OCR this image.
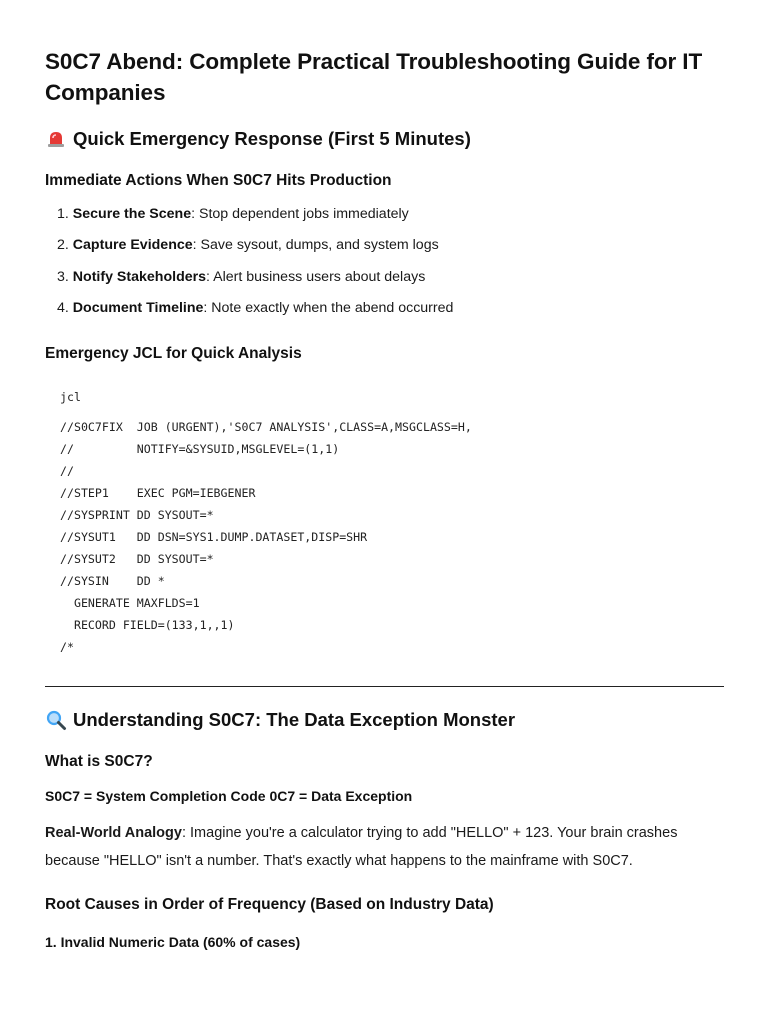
S0C7 Abend: Complete Practical Troubleshooting Guide for IT Companies
Quick Emergency Response (First 5 Minutes)
Immediate Actions When S0C7 Hits Production
1. Secure the Scene: Stop dependent jobs immediately
2. Capture Evidence: Save sysout, dumps, and system logs
3. Notify Stakeholders: Alert business users about delays
4. Document Timeline: Note exactly when the abend occurred
Emergency JCL for Quick Analysis
jcl
//S0C7FIX  JOB (URGENT),'S0C7 ANALYSIS',CLASS=A,MSGCLASS=H,
//         NOTIFY=&SYSUID,MSGLEVEL=(1,1)
//
//STEP1    EXEC PGM=IEBGENER
//SYSPRINT DD SYSOUT=*
//SYSUT1   DD DSN=SYS1.DUMP.DATASET,DISP=SHR
//SYSUT2   DD SYSOUT=*
//SYSIN    DD *
GENERATE MAXFLDS=1
RECORD FIELD=(133,1,,1)
/*
Understanding S0C7: The Data Exception Monster
What is S0C7?
S0C7 = System Completion Code 0C7 = Data Exception
Real-World Analogy: Imagine you're a calculator trying to add "HELLO" + 123. Your brain crashes
because "HELLO" isn't a number. That's exactly what happens to the mainframe with S0C7.
Root Causes in Order of Frequency (Based on Industry Data)
1. Invalid Numeric Data (60% of cases)
